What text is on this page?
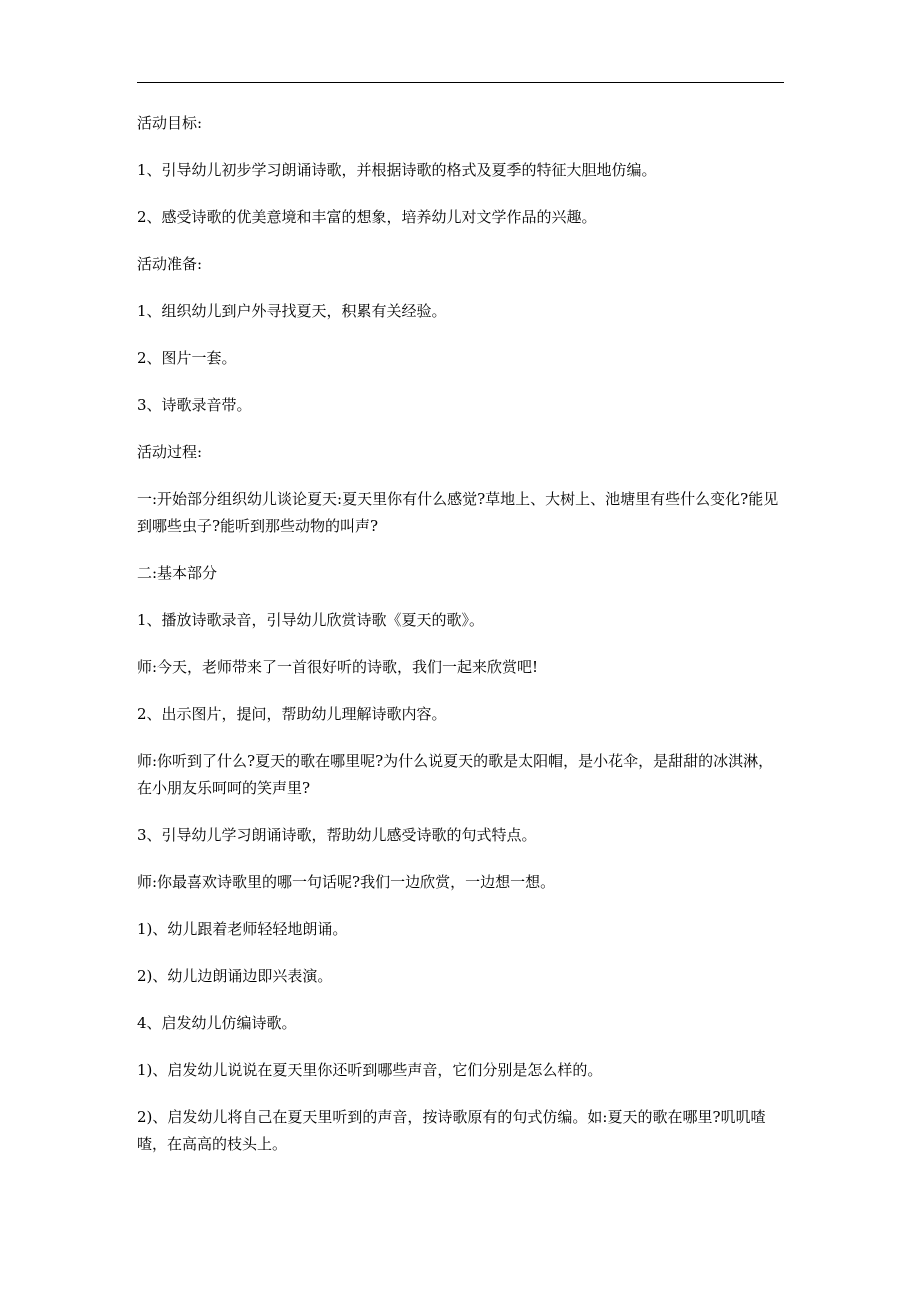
活动目标:

1、引导幼儿初步学习朗诵诗歌，并根据诗歌的格式及夏季的特征大胆地仿编。

2、感受诗歌的优美意境和丰富的想象，培养幼儿对文学作品的兴趣。

活动准备:

1、组织幼儿到户外寻找夏天，积累有关经验。

2、图片一套。

3、诗歌录音带。

活动过程:

一:开始部分组织幼儿谈论夏天:夏天里你有什么感觉?草地上、大树上、池塘里有些什么变化?能见到哪些虫子?能听到那些动物的叫声?

二:基本部分

1、播放诗歌录音，引导幼儿欣赏诗歌《夏天的歌》。

师:今天，老师带来了一首很好听的诗歌，我们一起来欣赏吧!

2、出示图片，提问，帮助幼儿理解诗歌内容。

师:你听到了什么?夏天的歌在哪里呢?为什么说夏天的歌是太阳帽，是小花伞，是甜甜的冰淇淋，在小朋友乐呵呵的笑声里?

3、引导幼儿学习朗诵诗歌，帮助幼儿感受诗歌的句式特点。

师:你最喜欢诗歌里的哪一句话呢?我们一边欣赏，一边想一想。

1)、幼儿跟着老师轻轻地朗诵。

2)、幼儿边朗诵边即兴表演。

4、启发幼儿仿编诗歌。

1)、启发幼儿说说在夏天里你还听到哪些声音，它们分别是怎么样的。

2)、启发幼儿将自己在夏天里听到的声音，按诗歌原有的句式仿编。如:夏天的歌在哪里?叽叽喳喳，在高高的枝头上。
